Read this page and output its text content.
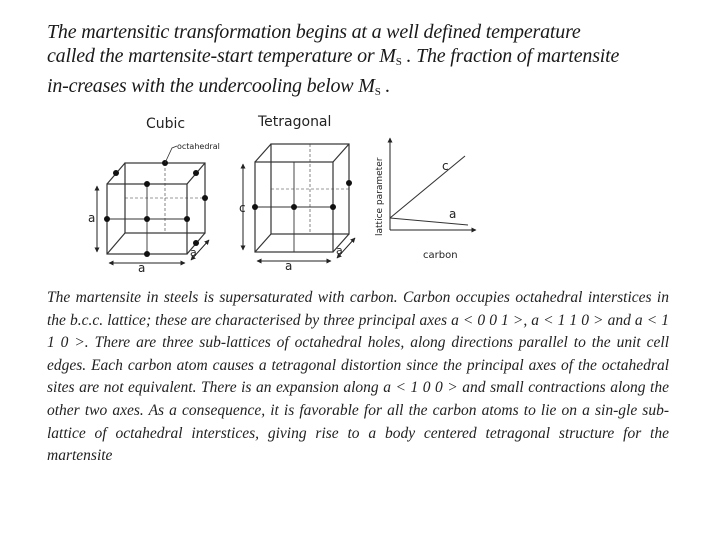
The martensitic transformation begins at a well defined temperature
called the martensite-start temperature or $M_S$ . The fraction of martensite
in-creases with the undercooling below $M_S$ .
Cubic
octahedral
a
a
a
Tetragonal
c
a
a
c
a
carbon
lattice parameter
The martensite in steels is supersaturated with carbon. Carbon occupies octahedral interstices in the b.c.c. lattice; these are characterised by three principal axes a < 0 0 1 >, a < 1 1 0 > and a < 1 1 0 >. There are three sub-lattices of octahedral holes, along directions parallel to the unit cell edges. Each carbon atom causes a tetragonal distortion since the principal axes of the octahedral sites are not equivalent. There is an expansion along a < 1 0 0 > and small contractions along the other two axes. As a consequence, it is favorable for all the carbon atoms to lie on a sin-gle sub-lattice of octahedral interstices, giving rise to a body centered tetragonal structure for the martensite
